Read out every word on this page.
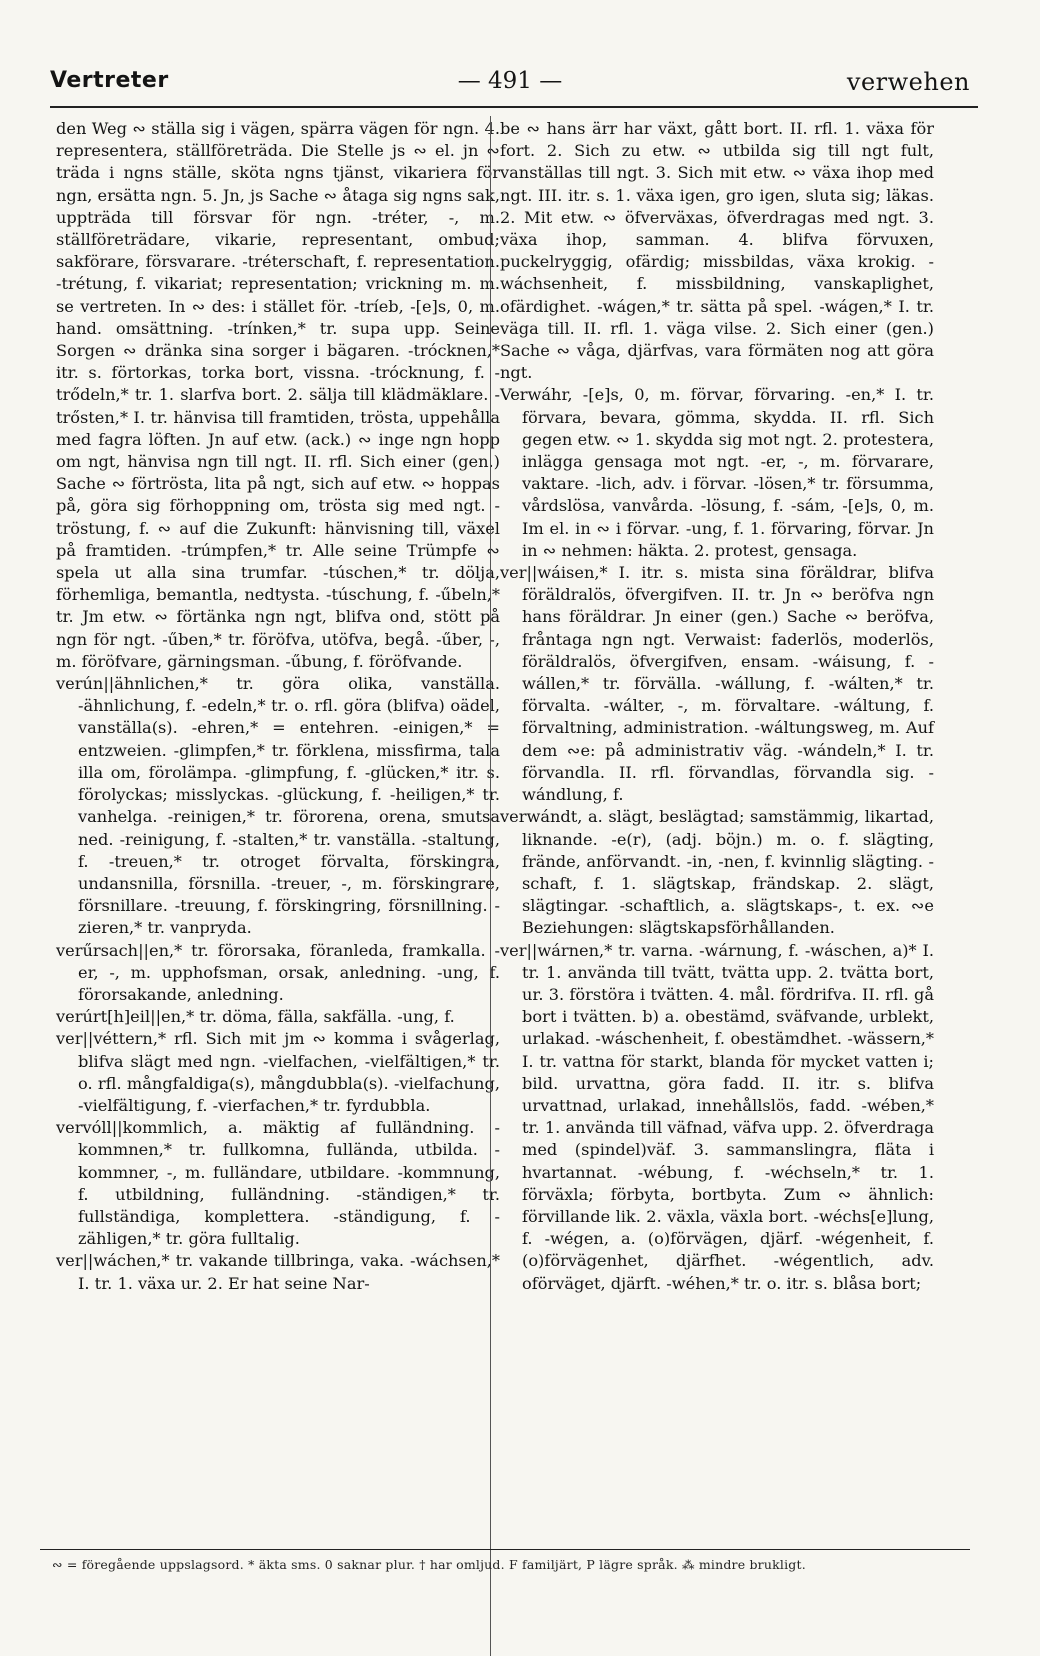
Vertreter	— 491 —	verwehen

den Weg ∾ ställa sig i vägen, spärra vägen för ngn. 4. representera, ställföreträda. Die Stelle js ∾ el. jn ∾ träda i ngns ställe, sköta ngns tjänst, vikariera för ngn, ersätta ngn. 5. Jn, js Sache ∾ åtaga sig ngns sak, uppträda till försvar för ngn. -tréter, -, m. ställföreträdare, vikarie, representant, ombud; sakförare, försvarare. -tréterschaft, f. representation. -trétung, f. vikariat; representation; vrickning m. m. se vertreten. In ∾ des: i stället för. -tríeb, -[e]s, 0, m. hand. omsättning. -trínken,* tr. supa upp. Seine Sorgen ∾ dränka sina sorger i bägaren. -trócknen,* itr. s. förtorkas, torka bort, vissna. -trócknung, f. -trődeln,* tr. 1. slarfva bort. 2. sälja till klädmäklare. -trősten,* I. tr. hänvisa till framtiden, trösta, uppehålla med fagra löften. Jn auf etw. (ack.) ∾ inge ngn hopp om ngt, hänvisa ngn till ngt. II. rfl. Sich einer (gen.) Sache ∾ förtrösta, lita på ngt, sich auf etw. ∾ hoppas på, göra sig förhoppning om, trösta sig med ngt. -tröstung, f. ∾ auf die Zukunft: hänvisning till, växel på framtiden. -trúmpfen,* tr. Alle seine Trümpfe ∾ spela ut alla sina trumfar. -túschen,* tr. dölja, förhemliga, bemantla, nedtysta. -túschung, f. -űbeln,* tr. Jm etw. ∾ förtänka ngn ngt, blifva ond, stött på ngn för ngt. -űben,* tr. föröfva, utöfva, begå. -űber, -, m. föröfvare, gärningsman. -űbung, f. föröfvande.

verún||ähnlichen,* tr. göra olika, vanställa. -ähnlichung, f. -edeln,* tr. o. rfl. göra (blifva) oädel, vanställa(s). -ehren,* = entehren. -einigen,* = entzweien. -glimpfen,* tr. förklena, missfirma, tala illa om, förolämpa. -glimpfung, f. -glücken,* itr. s. förolyckas; misslyckas. -glückung, f. -heiligen,* tr. vanhelga. -reinigen,* tr. förorena, orena, smutsa ned. -reinigung, f. -stalten,* tr. vanställa. -staltung, f. -treuen,* tr. otroget förvalta, förskingra, undansnilla, försnilla. -treuer, -, m. förskingrare, försnillare. -treuung, f. förskingring, försnillning. -zieren,* tr. vanpryda.

verűrsach||en,* tr. förorsaka, föranleda, framkalla. -er, -, m. upphofsman, orsak, anledning. -ung, f. förorsakande, anledning.

verúrt[h]eil||en,* tr. döma, fälla, sakfälla. -ung, f.

ver||véttern,* rfl. Sich mit jm ∾ komma i svågerlag, blifva slägt med ngn. -vielfachen, -vielfältigen,* tr. o. rfl. mångfaldiga(s), mångdubbla(s). -vielfachung, -vielfältigung, f. -vierfachen,* tr. fyrdubbla.

vervóll||kommlich, a. mäktig af fulländning. -kommnen,* tr. fullkomna, fullända, utbilda. -kommner, -, m. fulländare, utbildare. -kommnung, f. utbildning, fulländning. -ständigen,* tr. fullständiga, komplettera. -ständigung, f. -zähligen,* tr. göra fulltalig.

ver||wáchen,* tr. vakande tillbringa, vaka. -wáchsen,* I. tr. 1. växa ur. 2. Er hat seine Nar-

be ∾ hans ärr har växt, gått bort. II. rfl. 1. växa för fort. 2. Sich zu etw. ∾ utbilda sig till ngt fult, vanställas till ngt. 3. Sich mit etw. ∾ växa ihop med ngt. III. itr. s. 1. växa igen, gro igen, sluta sig; läkas. 2. Mit etw. ∾ öfverväxas, öfverdragas med ngt. 3. växa ihop, samman. 4. blifva förvuxen, puckelryggig, ofärdig; missbildas, växa krokig. -wáchsenheit, f. missbildning, vanskaplighet, ofärdighet. -wágen,* tr. sätta på spel. -wágen,* I. tr. väga till. II. rfl. 1. väga vilse. 2. Sich einer (gen.) Sache ∾ våga, djärfvas, vara förmäten nog att göra ngt.

Verwáhr, -[e]s, 0, m. förvar, förvaring. -en,* I. tr. förvara, bevara, gömma, skydda. II. rfl. Sich gegen etw. ∾ 1. skydda sig mot ngt. 2. protestera, inlägga gensaga mot ngt. -er, -, m. förvarare, vaktare. -lich, adv. i förvar. -lösen,* tr. försumma, vårdslösa, vanvårda. -lösung, f. -sám, -[e]s, 0, m. Im el. in ∾ i förvar. -ung, f. 1. förvaring, förvar. Jn in ∾ nehmen: häkta. 2. protest, gensaga.

ver||wáisen,* I. itr. s. mista sina föräldrar, blifva föräldralös, öfvergifven. II. tr. Jn ∾ beröfva ngn hans föräldrar. Jn einer (gen.) Sache ∾ beröfva, fråntaga ngn ngt. Verwaist: faderlös, moderlös, föräldralös, öfvergifven, ensam. -wáisung, f. -wállen,* tr. förvälla. -wállung, f. -wálten,* tr. förvalta. -wálter, -, m. förvaltare. -wáltung, f. förvaltning, administration. -wáltungsweg, m. Auf dem ∾e: på administrativ väg. -wándeln,* I. tr. förvandla. II. rfl. förvandlas, förvandla sig. -wándlung, f.

verwándt, a. slägt, beslägtad; samstämmig, likartad, liknande. -e(r), (adj. böjn.) m. o. f. slägting, frände, anförvandt. -in, -nen, f. kvinnlig slägting. -schaft, f. 1. slägtskap, frändskap. 2. slägt, slägtingar. -schaftlich, a. slägtskaps-, t. ex. ∾e Beziehungen: slägtskapsförhållanden.

ver||wárnen,* tr. varna. -wárnung, f. -wáschen, a)* I. tr. 1. använda till tvätt, tvätta upp. 2. tvätta bort, ur. 3. förstöra i tvätten. 4. mål. fördrifva. II. rfl. gå bort i tvätten. b) a. obestämd, sväfvande, urblekt, urlakad. -wáschenheit, f. obestämdhet. -wässern,* I. tr. vattna för starkt, blanda för mycket vatten i; bild. urvattna, göra fadd. II. itr. s. blifva urvattnad, urlakad, innehållslös, fadd. -wében,* tr. 1. använda till väfnad, väfva upp. 2. öfverdraga med (spindel)väf. 3. sammanslingra, fläta i hvartannat. -wébung, f. -wéchseln,* tr. 1. förväxla; förbyta, bortbyta. Zum ∾ ähnlich: förvillande lik. 2. växla, växla bort. -wéchs[e]lung, f. -wégen, a. (o)förvägen, djärf. -wégenheit, f. (o)förvägenhet, djärfhet. -wégentlich, adv. oförväget, djärft. -wéhen,* tr. o. itr. s. blåsa bort;

∾ = föregående uppslagsord. * äkta sms. 0 saknar plur. † har omljud. F familjärt, P lägre språk. ⁂ mindre brukligt.
